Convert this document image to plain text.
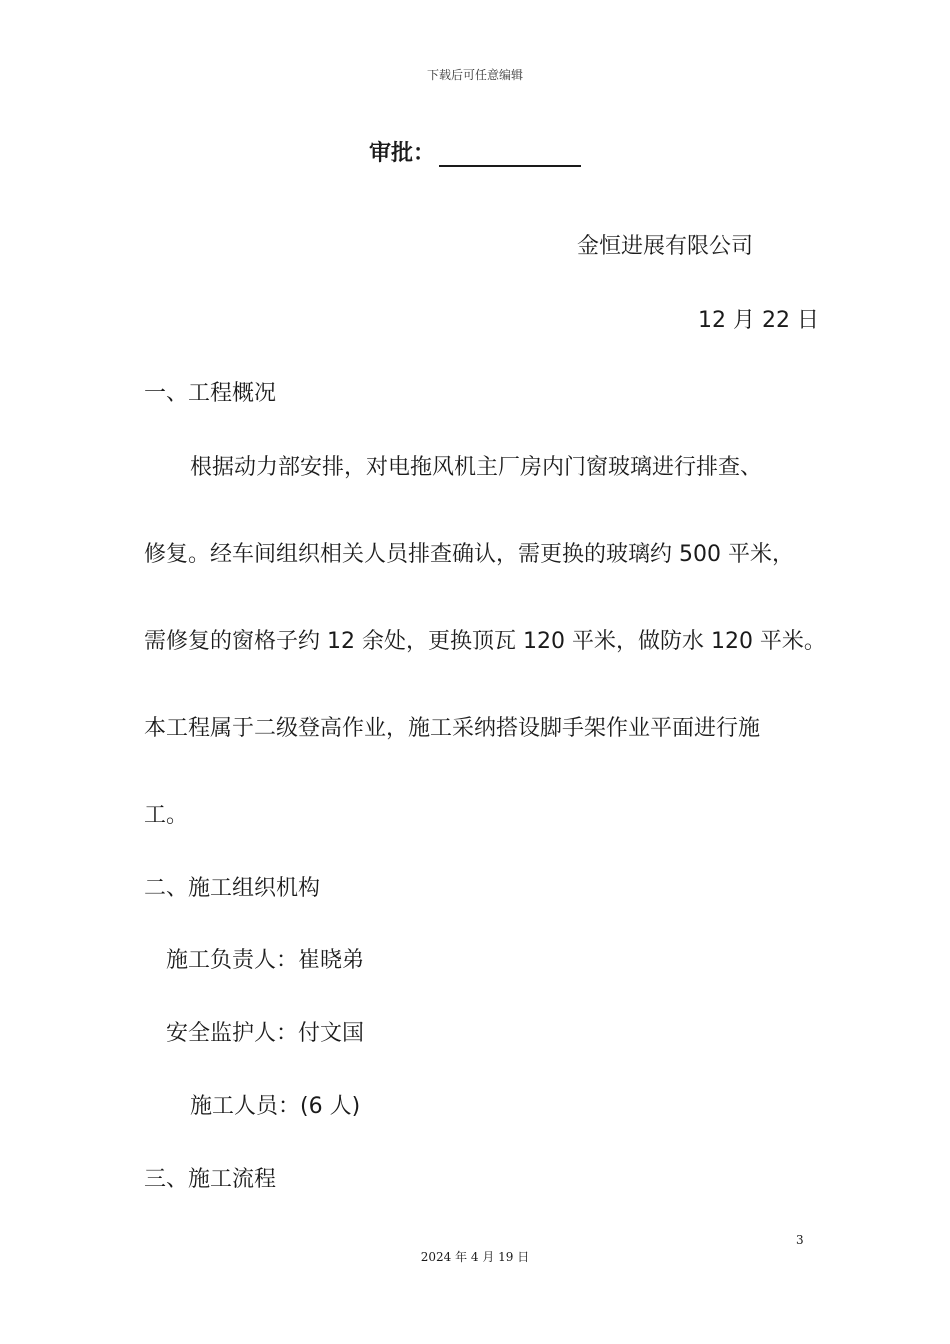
下载后可任意编辑
审批：
金恒进展有限公司
12 月 22 日
一、工程概况
根据动力部安排，对电拖风机主厂房内门窗玻璃进行排查、
修复。经车间组织相关人员排查确认，需更换的玻璃约 500 平米，
需修复的窗格子约 12 余处，更换顶瓦 120 平米，做防水 120 平米。
本工程属于二级登高作业，施工采纳搭设脚手架作业平面进行施
工。
二、施工组织机构
施工负责人：崔晓弟
安全监护人：付文国
施工人员：(6 人)
三、施工流程
3
2024 年 4 月 19 日
